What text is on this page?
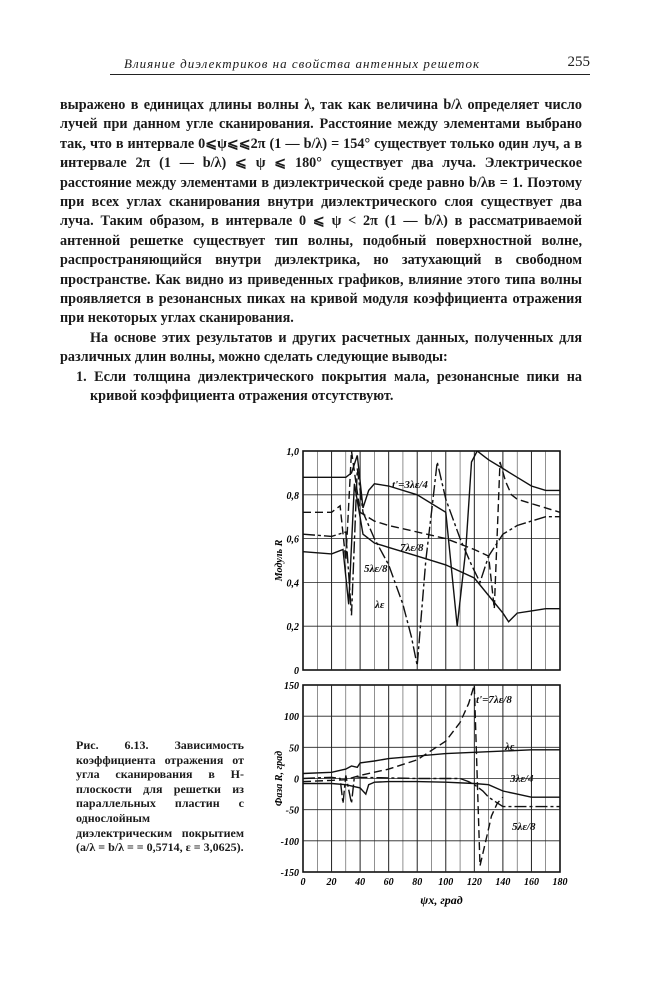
Влияние диэлектриков на свойства антенных решеток	255

выражено в единицах длины волны λ, так как величина b/λ определяет число лучей при данном угле сканирования. Расстояние между элементами выбрано так, что в интервале 0⩽ψ⩽⩽2π (1 — b/λ) = 154° существует только один луч, а в интервале 2π (1 — b/λ) ⩽ ψ ⩽ 180° существует два луча. Электрическое расстояние между элементами в диэлектрической среде равно b/λв = 1. Поэтому при всех углах сканирования внутри диэлектрического слоя существует два луча. Таким образом, в интервале 0 ⩽ ψ < 2π (1 — b/λ) в рассматриваемой антенной решетке существует тип волны, подобный поверхностной волне, распространяющийся внутри диэлектрика, но затухающий в свободном пространстве. Как видно из приведенных графиков, влияние этого типа волны проявляется в резонансных пиках на кривой модуля коэффициента отражения при некоторых углах сканирования.

На основе этих результатов и других расчетных данных, полученных для различных длин волны, можно сделать следующие выводы:

1. Если толщина диэлектрического покрытия мала, резонансные пики на кривой коэффициента отражения отсутствуют.

Рис. 6.13. Зависимость коэффициента отражения от угла сканирования в H-плоскости для решетки из параллельных пластин с однослойным диэлектрическим покрытием (a/λ = b/λ = = 0,5714, ε = 3,0625).
0
0,2
0,4
0,6
0,8
1,0
Модуль R
t'=3λε/4
7λε/8
5λε/8
λε
-150
-100
-50
0
50
100
150
0 20 40 60 80 100 120 140 160 180
ψx, град
Фаза R, град
t'=7λε/8
λε
3λε/4
5λε/8
